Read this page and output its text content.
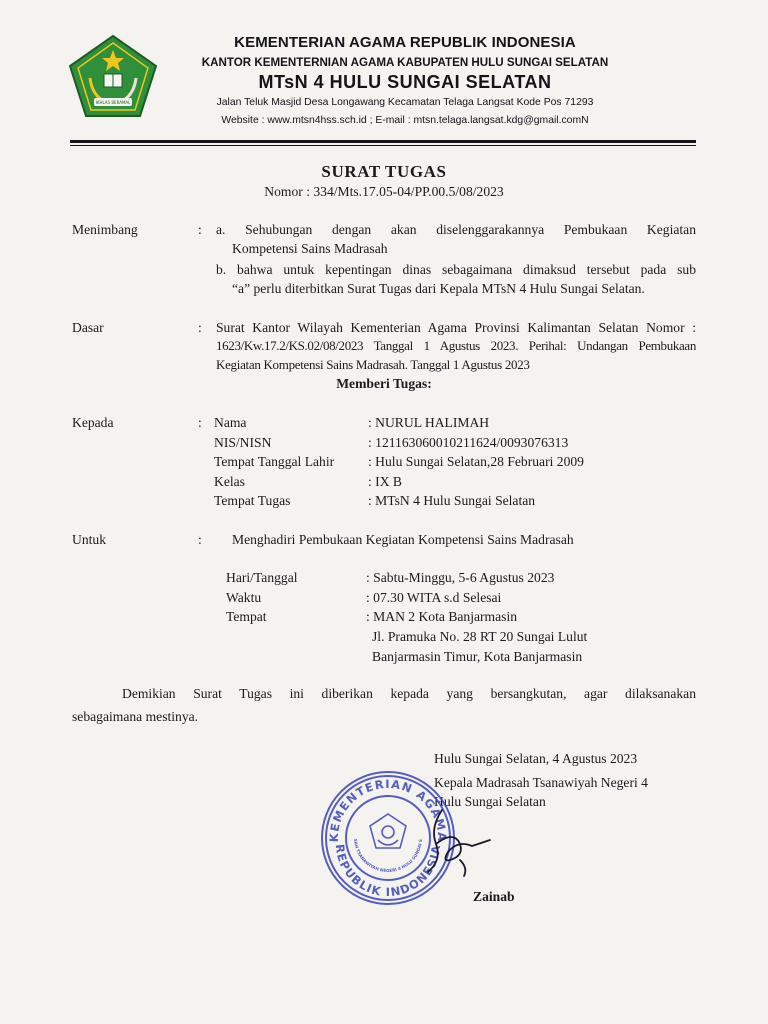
IKHLAS BERAMAL
KEMENTERIAN AGAMA REPUBLIK INDONESIA
KANTOR KEMENTERNIAN AGAMA KABUPATEN HULU SUNGAI SELATAN
MTsN 4 HULU SUNGAI SELATAN
Jalan Teluk Masjid Desa Longawang Kecamatan Telaga Langsat Kode Pos 71293
Website : www.mtsn4hss.sch.id ; E-mail : mtsn.telaga.langsat.kdg@gmail.comN
SURAT TUGAS
Nomor : 334/Mts.17.05-04/PP.00.5/08/2023
Menimbang	: a. Sehubungan dengan akan diselenggarakannya Pembukaan Kegiatan
Kompetensi Sains Madrasah
b. bahwa untuk kepentingan dinas sebagaimana dimaksud tersebut pada sub
“a” perlu diterbitkan Surat Tugas dari Kepala MTsN 4 Hulu Sungai Selatan.
Dasar	: Surat Kantor Wilayah Kementerian Agama Provinsi Kalimantan Selatan Nomor :
1623/Kw.17.2/KS.02/08/2023 Tanggal 1 Agustus 2023. Perihal: Undangan Pembukaan
Kegiatan Kompetensi Sains Madrasah. Tanggal 1 Agustus 2023
Memberi Tugas:
Kepada	: Nama	: NURUL HALIMAH
NIS/NISN	: 121163060010211624/0093076313
Tempat Tanggal Lahir : Hulu Sungai Selatan,28 Februari 2009
Kelas	: IX B
Tempat Tugas	: MTsN 4 Hulu Sungai Selatan
Untuk	: Menghadiri Pembukaan Kegiatan Kompetensi Sains Madrasah
Hari/Tanggal	: Sabtu-Minggu, 5-6 Agustus 2023
Waktu	: 07.30 WITA s.d Selesai
Tempat	: MAN 2 Kota Banjarmasin
Jl. Pramuka No. 28 RT 20 Sungai Lulut
Banjarmasin Timur, Kota Banjarmasin
Demikian Surat Tugas ini diberikan kepada yang bersangkutan, agar dilaksanakan
sebagaimana mestinya.
Hulu Sungai Selatan, 4 Agustus 2023
Kepala Madrasah Tsanawiyah Negeri 4
Hulu Sungai Selatan
KEMENTERIAN AGAMA
REPUBLIK INDONESIA
SAH TSANAWIYAH NEGERI 4 HULU SUNGAI S
Zainab
